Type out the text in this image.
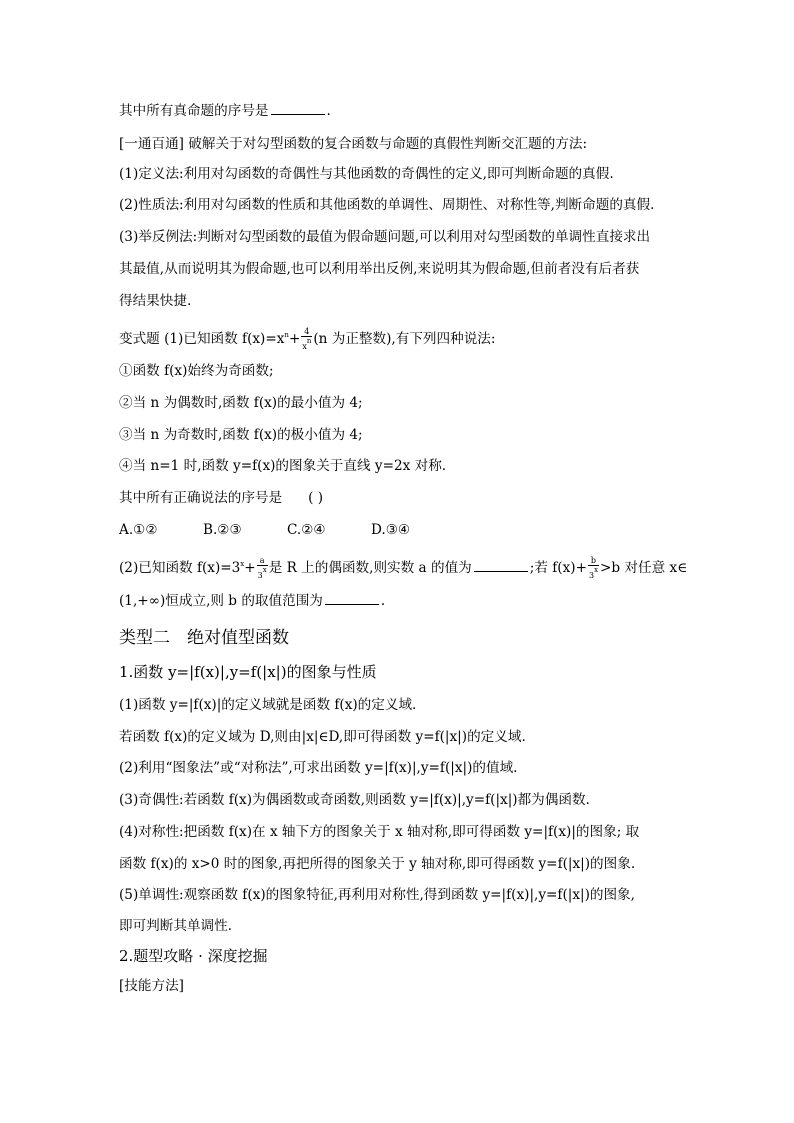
其中所有真命题的序号是	.
[一通百通] 破解关于对勾型函数的复合函数与命题的真假性判断交汇题的方法:
(1)定义法:利用对勾函数的奇偶性与其他函数的奇偶性的定义,即可判断命题的真假.
(2)性质法:利用对勾函数的性质和其他函数的单调性、周期性、对称性等,判断命题的真假.
(3)举反例法:判断对勾型函数的最值为假命题问题,可以利用对勾型函数的单调性直接求出
其最值,从而说明其为假命题,也可以利用举出反例,来说明其为假命题,但前者没有后者获
得结果快捷.
变式题 (1)已知函数 $f(x)=x^n+ \frac{4}{x^n} (n$ 为正整数),有下列四种说法:
①函数 f(x)始终为奇函数;
②当 n 为偶数时,函数 f(x)的最小值为 4;
③当 n 为奇数时,函数 f(x)的极小值为 4;
④当 n=1 时,函数 y=f(x)的图象关于直线 y=2x 对称.
其中所有正确说法的序号是 ( )
A.①②	B.②③	C.②④	D.③④
(2)已知函数 $f(x)=3^x+ \frac{a}{3^x}$ 是 R 上的偶函数,则实数 a 的值为	;若 $f(x)+ \frac{b}{3^x} >b$ 对任意 x∈
(1,+∞)恒成立,则 b 的取值范围为	.
类型二　绝对值型函数
1.函数 y=|f(x)|,y=f(|x|)的图象与性质
(1)函数 y=|f(x)|的定义域就是函数 f(x)的定义域.
若函数 f(x)的定义域为 D,则由|x|∈D,即可得函数 y=f(|x|)的定义域.
(2)利用“图象法”或“对称法”,可求出函数 y=|f(x)|,y=f(|x|)的值域.
(3)奇偶性:若函数 f(x)为偶函数或奇函数,则函数 y=|f(x)|,y=f(|x|)都为偶函数.
(4)对称性:把函数 f(x)在 x 轴下方的图象关于 x 轴对称,即可得函数 y=|f(x)|的图象; 取
函数 f(x)的 x>0 时的图象,再把所得的图象关于 y 轴对称,即可得函数 y=f(|x|)的图象.
(5)单调性:观察函数 f(x)的图象特征,再利用对称性,得到函数 y=|f(x)|,y=f(|x|)的图象,
即可判断其单调性.
2.题型攻略 · 深度挖掘
[技能方法]
